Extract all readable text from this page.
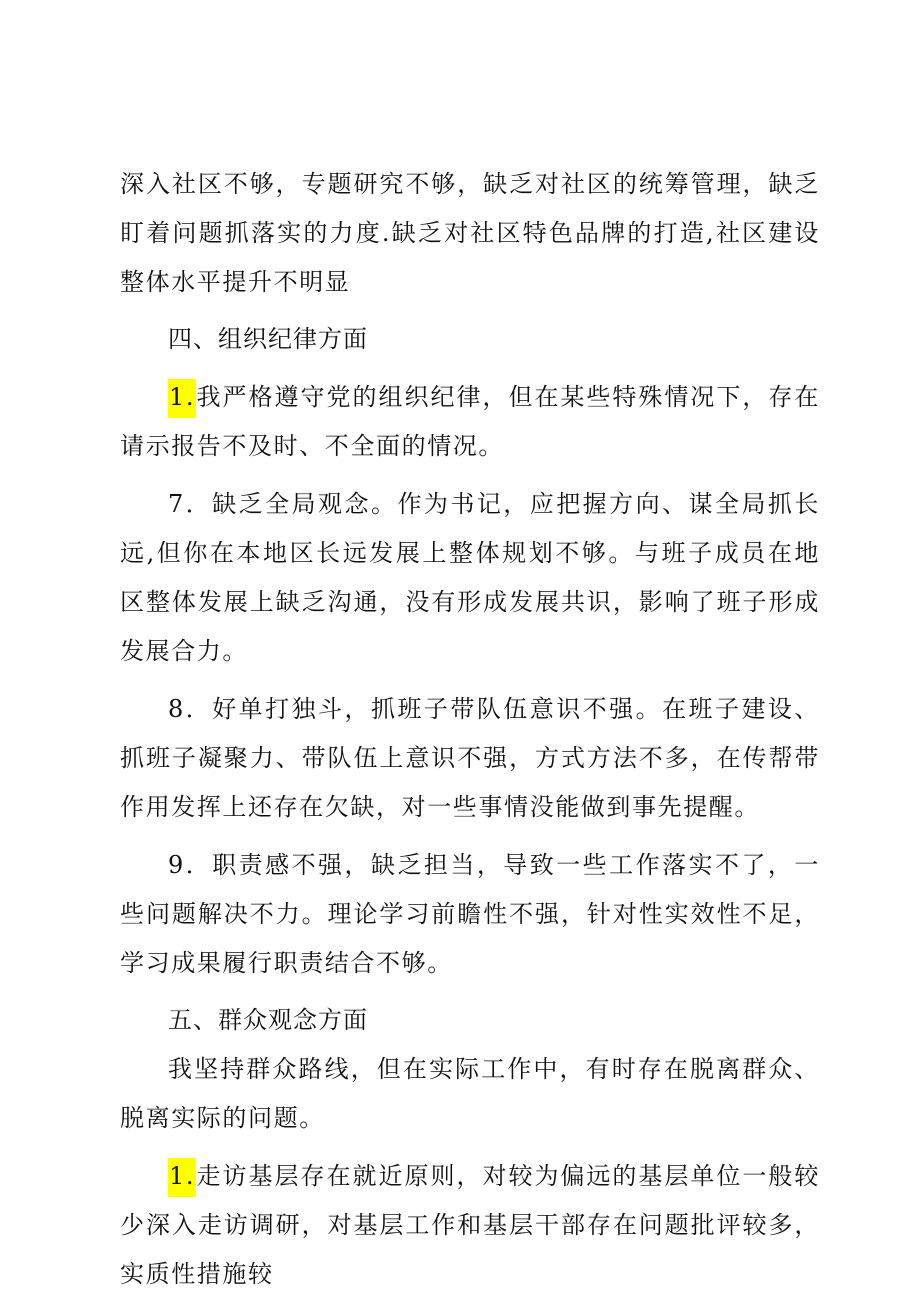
深入社区不够，专题研究不够，缺乏对社区的统筹管理，缺乏盯着问题抓落实的力度.缺乏对社区特色品牌的打造,社区建设整体水平提升不明显

四、组织纪律方面

1.我严格遵守党的组织纪律，但在某些特殊情况下，存在请示报告不及时、不全面的情况。

7．缺乏全局观念。作为书记，应把握方向、谋全局抓长远,但你在本地区长远发展上整体规划不够。与班子成员在地区整体发展上缺乏沟通，没有形成发展共识，影响了班子形成发展合力。

8．好单打独斗，抓班子带队伍意识不强。在班子建设、抓班子凝聚力、带队伍上意识不强，方式方法不多，在传帮带作用发挥上还存在欠缺，对一些事情没能做到事先提醒。

9．职责感不强，缺乏担当，导致一些工作落实不了，一些问题解决不力。理论学习前瞻性不强，针对性实效性不足，学习成果履行职责结合不够。

五、群众观念方面

我坚持群众路线，但在实际工作中，有时存在脱离群众、脱离实际的问题。

1.走访基层存在就近原则，对较为偏远的基层单位一般较少深入走访调研，对基层工作和基层干部存在问题批评较多，实质性措施较
